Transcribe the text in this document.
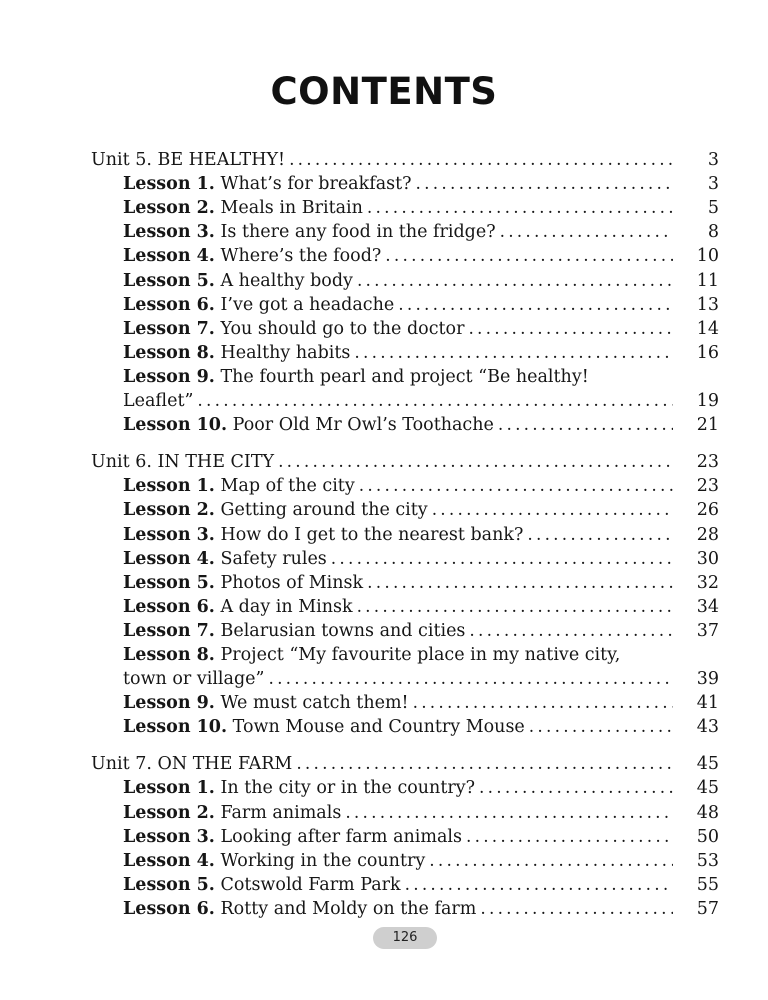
CONTENTS
Unit 5. BE HEALTHY! . . .	3
Lesson 1. What’s for breakfast? . . .	3
Lesson 2. Meals in Britain . . .	5
Lesson 3. Is there any food in the fridge? . . .	8
Lesson 4. Where’s the food? . . .	10
Lesson 5. A healthy body . . .	11
Lesson 6. I’ve got a headache . . .	13
Lesson 7. You should go to the doctor . . .	14
Lesson 8. Healthy habits . . .	16
Lesson 9. The fourth pearl and project “Be healthy!
Leaflet” . . .	19
Lesson 10. Poor Old Mr Owl’s Toothache . . .	21
Unit 6. IN THE CITY . . .	23
Lesson 1. Map of the city . . .	23
Lesson 2. Getting around the city . . .	26
Lesson 3. How do I get to the nearest bank? . . .	28
Lesson 4. Safety rules . . .	30
Lesson 5. Photos of Minsk . . .	32
Lesson 6. A day in Minsk . . .	34
Lesson 7. Belarusian towns and cities . . .	37
Lesson 8. Project “My favourite place in my native city,
town or village” . . .	39
Lesson 9. We must catch them! . . .	41
Lesson 10. Town Mouse and Country Mouse . . .	43
Unit 7. ON THE FARM . . .	45
Lesson 1. In the city or in the country? . . .	45
Lesson 2. Farm animals . . .	48
Lesson 3. Looking after farm animals . . .	50
Lesson 4. Working in the country . . .	53
Lesson 5. Cotswold Farm Park . . .	55
Lesson 6. Rotty and Moldy on the farm . . .	57
126
